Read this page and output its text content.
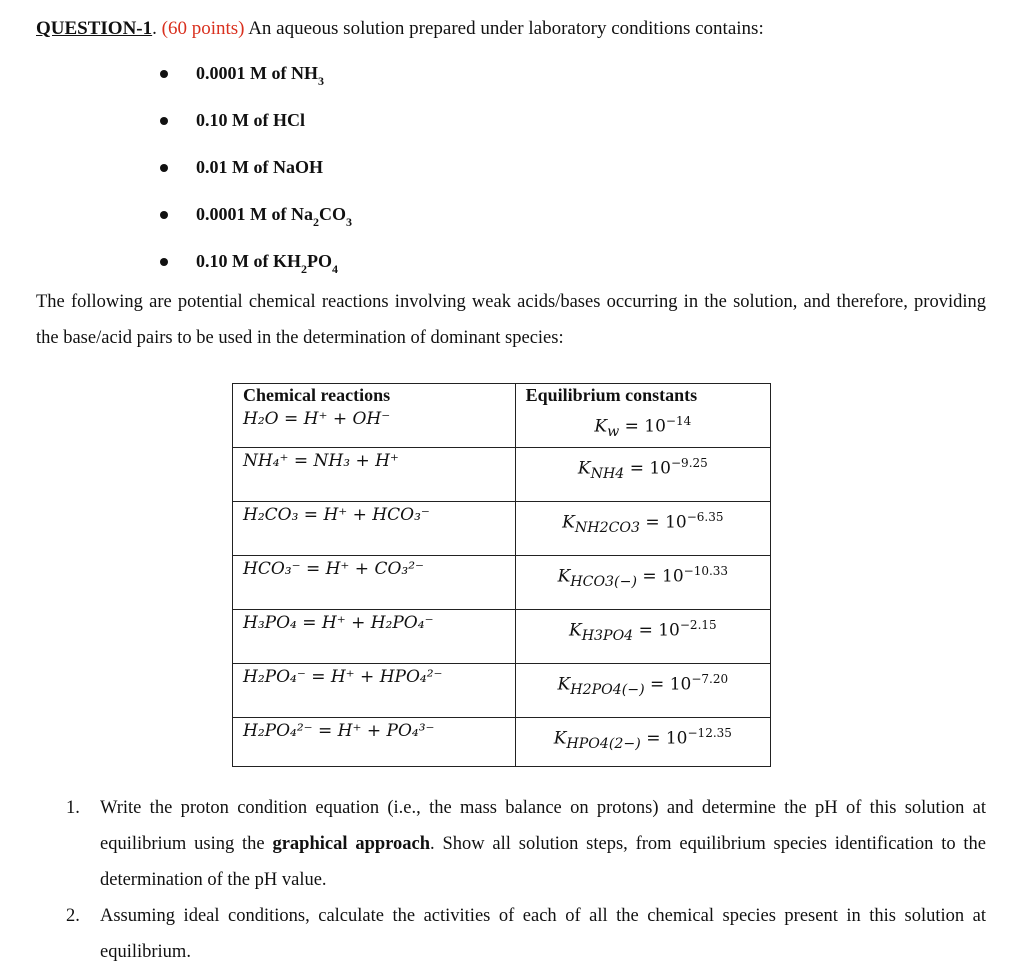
QUESTION-1. (60 points) An aqueous solution prepared under laboratory conditions contains:
0.0001 M of $NH_3$
0.10 M of HCl
0.01 M of NaOH
0.0001 M of $Na_2CO_3$
0.10 M of $KH_2PO_4$
The following are potential chemical reactions involving weak acids/bases occurring in the solution, and therefore, providing the base/acid pairs to be used in the determination of dominant species:
Chemical reactions	Equilibrium constants
H₂O = H⁺ + OH⁻	$K_w = 10^{-14}$
NH₄⁺ = NH₃ + H⁺	$K_{NH4} = 10^{-9.25}$
H₂CO₃ = H⁺ + HCO₃⁻	$K_{NH2CO3} = 10^{-6.35}$
HCO₃⁻ = H⁺ + CO₃²⁻	$K_{HCO3(-)} = 10^{-10.33}$
H₃PO₄ = H⁺ + H₂PO₄⁻	$K_{H3PO4} = 10^{-2.15}$
H₂PO₄⁻ = H⁺ + HPO₄²⁻	$K_{H2PO4(-)} = 10^{-7.20}$
H₂PO₄²⁻ = H⁺ + PO₄³⁻	$K_{HPO4(2-)} = 10^{-12.35}$
1. Write the proton condition equation (i.e., the mass balance on protons) and determine the pH of this solution at equilibrium using the graphical approach. Show all solution steps, from equilibrium species identification to the determination of the pH value.
2. Assuming ideal conditions, calculate the activities of each of all the chemical species present in this solution at equilibrium.
